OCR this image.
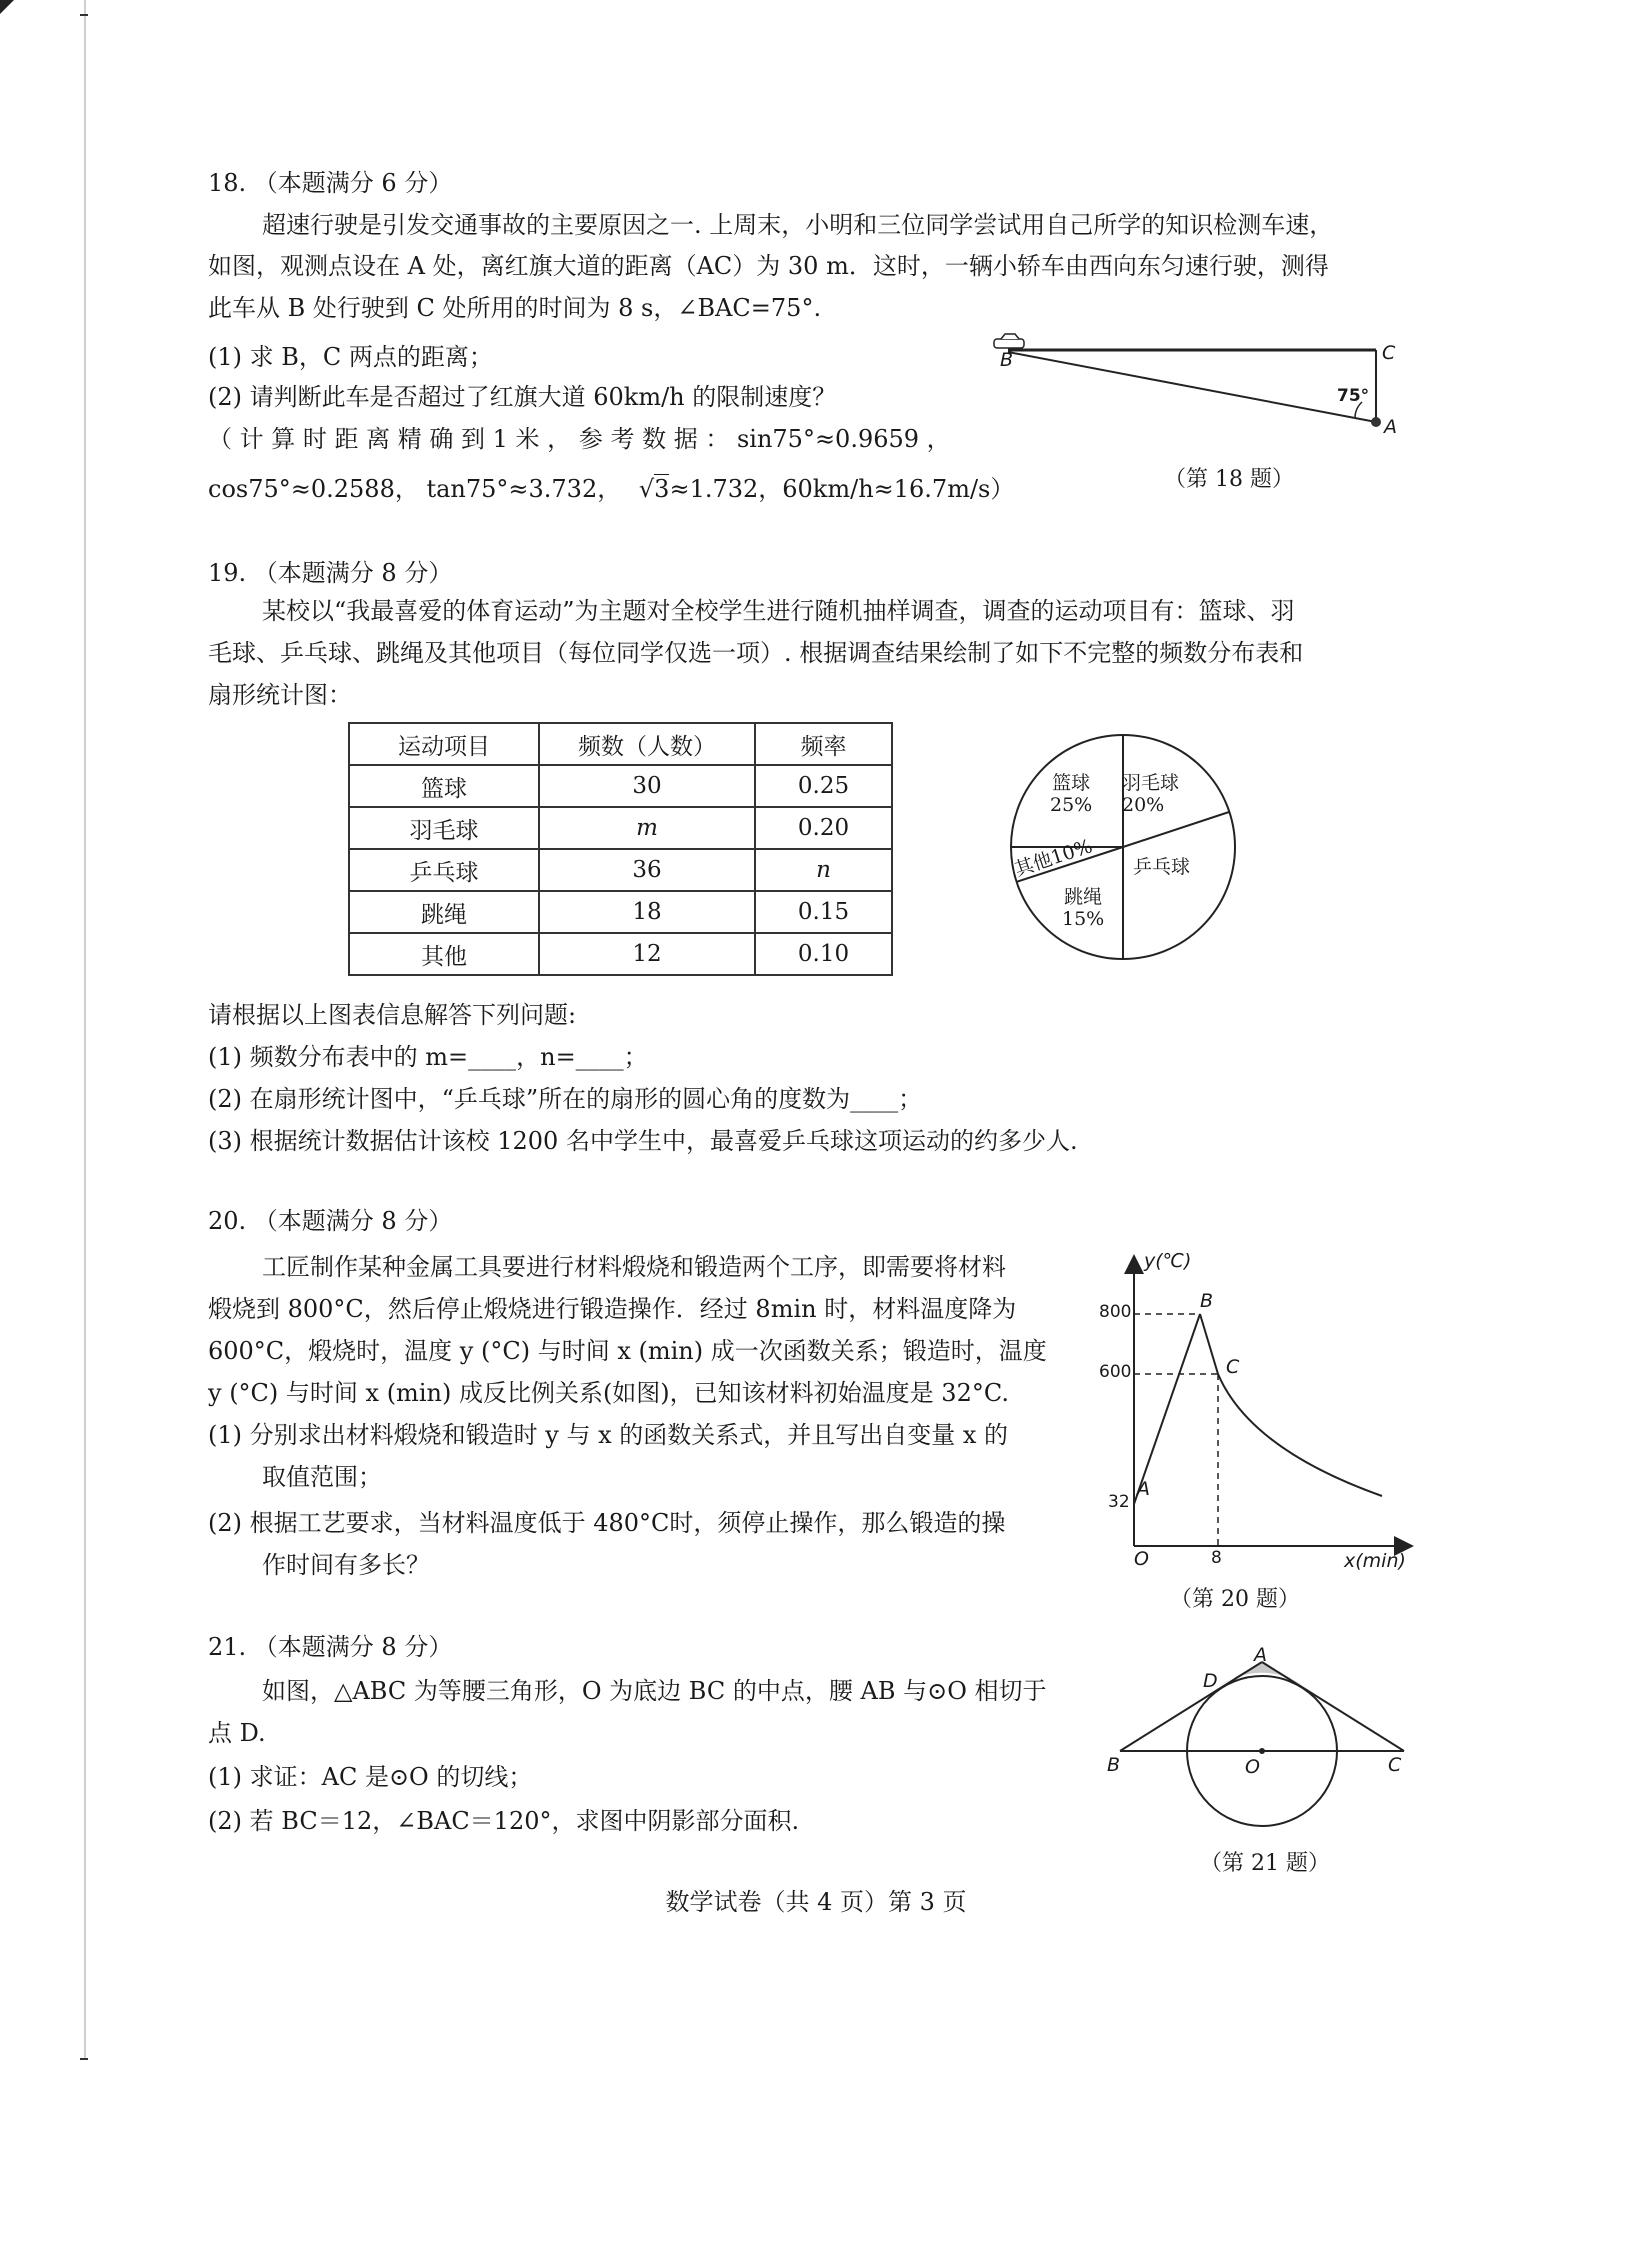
18. （本题满分 6 分）
超速行驶是引发交通事故的主要原因之一. 上周末，小明和三位同学尝试用自己所学的知识检测车速，
如图，观测点设在 A 处，离红旗大道的距离（AC）为 30 m．这时，一辆小轿车由西向东匀速行驶，测得
此车从 B 处行驶到 C 处所用的时间为 8 s，∠BAC=75°.
(1) 求 B，C 两点的距离；
(2) 请判断此车是否超过了红旗大道 60km/h 的限制速度？
（ 计 算 时 距 离 精 确 到 1 米 ， 参 考 数 据 ： sin75°≈0.9659 ，
cos75°≈0.2588， tan75°≈3.732， √3≈1.732，60km/h≈16.7m/s）
B	C
A
75°
（第 18 题）
19. （本题满分 8 分）
某校以“我最喜爱的体育运动”为主题对全校学生进行随机抽样调查，调查的运动项目有：篮球、羽
毛球、乒乓球、跳绳及其他项目（每位同学仅选一项）. 根据调查结果绘制了如下不完整的频数分布表和
扇形统计图：
运动项目	频数（人数）	频率
篮球	30	0.25
羽毛球	m	0.20
乒乓球	36	n
跳绳	18	0.15
其他	12	0.10
篮球
25%
羽毛球
20%
乒乓球
其他10%
跳绳
15%
请根据以上图表信息解答下列问题:
(1) 频数分布表中的 m=____，n=____；
(2) 在扇形统计图中，“乒乓球”所在的扇形的圆心角的度数为____；
(3) 根据统计数据估计该校 1200 名中学生中，最喜爱乒乓球这项运动的约多少人.
20. （本题满分 8 分）
工匠制作某种金属工具要进行材料煅烧和锻造两个工序，即需要将材料
煅烧到 800°C，然后停止煅烧进行锻造操作．经过 8min 时，材料温度降为
600°C，煅烧时，温度 y (°C) 与时间 x (min) 成一次函数关系；锻造时，温度
y (°C) 与时间 x (min) 成反比例关系(如图)，已知该材料初始温度是 32°C.
(1) 分别求出材料煅烧和锻造时 y 与 x 的函数关系式，并且写出自变量 x 的
取值范围；
(2) 根据工艺要求，当材料温度低于 480°C时，须停止操作，那么锻造的操
作时间有多长？
y(℃)
800
600
32
A
B
C
O	8	x(min)
（第 20 题）
21. （本题满分 8 分）
如图，△ABC 为等腰三角形，O 为底边 BC 的中点，腰 AB 与⊙O 相切于
点 D.
(1) 求证：AC 是⊙O 的切线；
(2) 若 BC＝12，∠BAC＝120°，求图中阴影部分面积.
A
D
B	O	C
（第 21 题）
数学试卷（共 4 页）第 3 页
